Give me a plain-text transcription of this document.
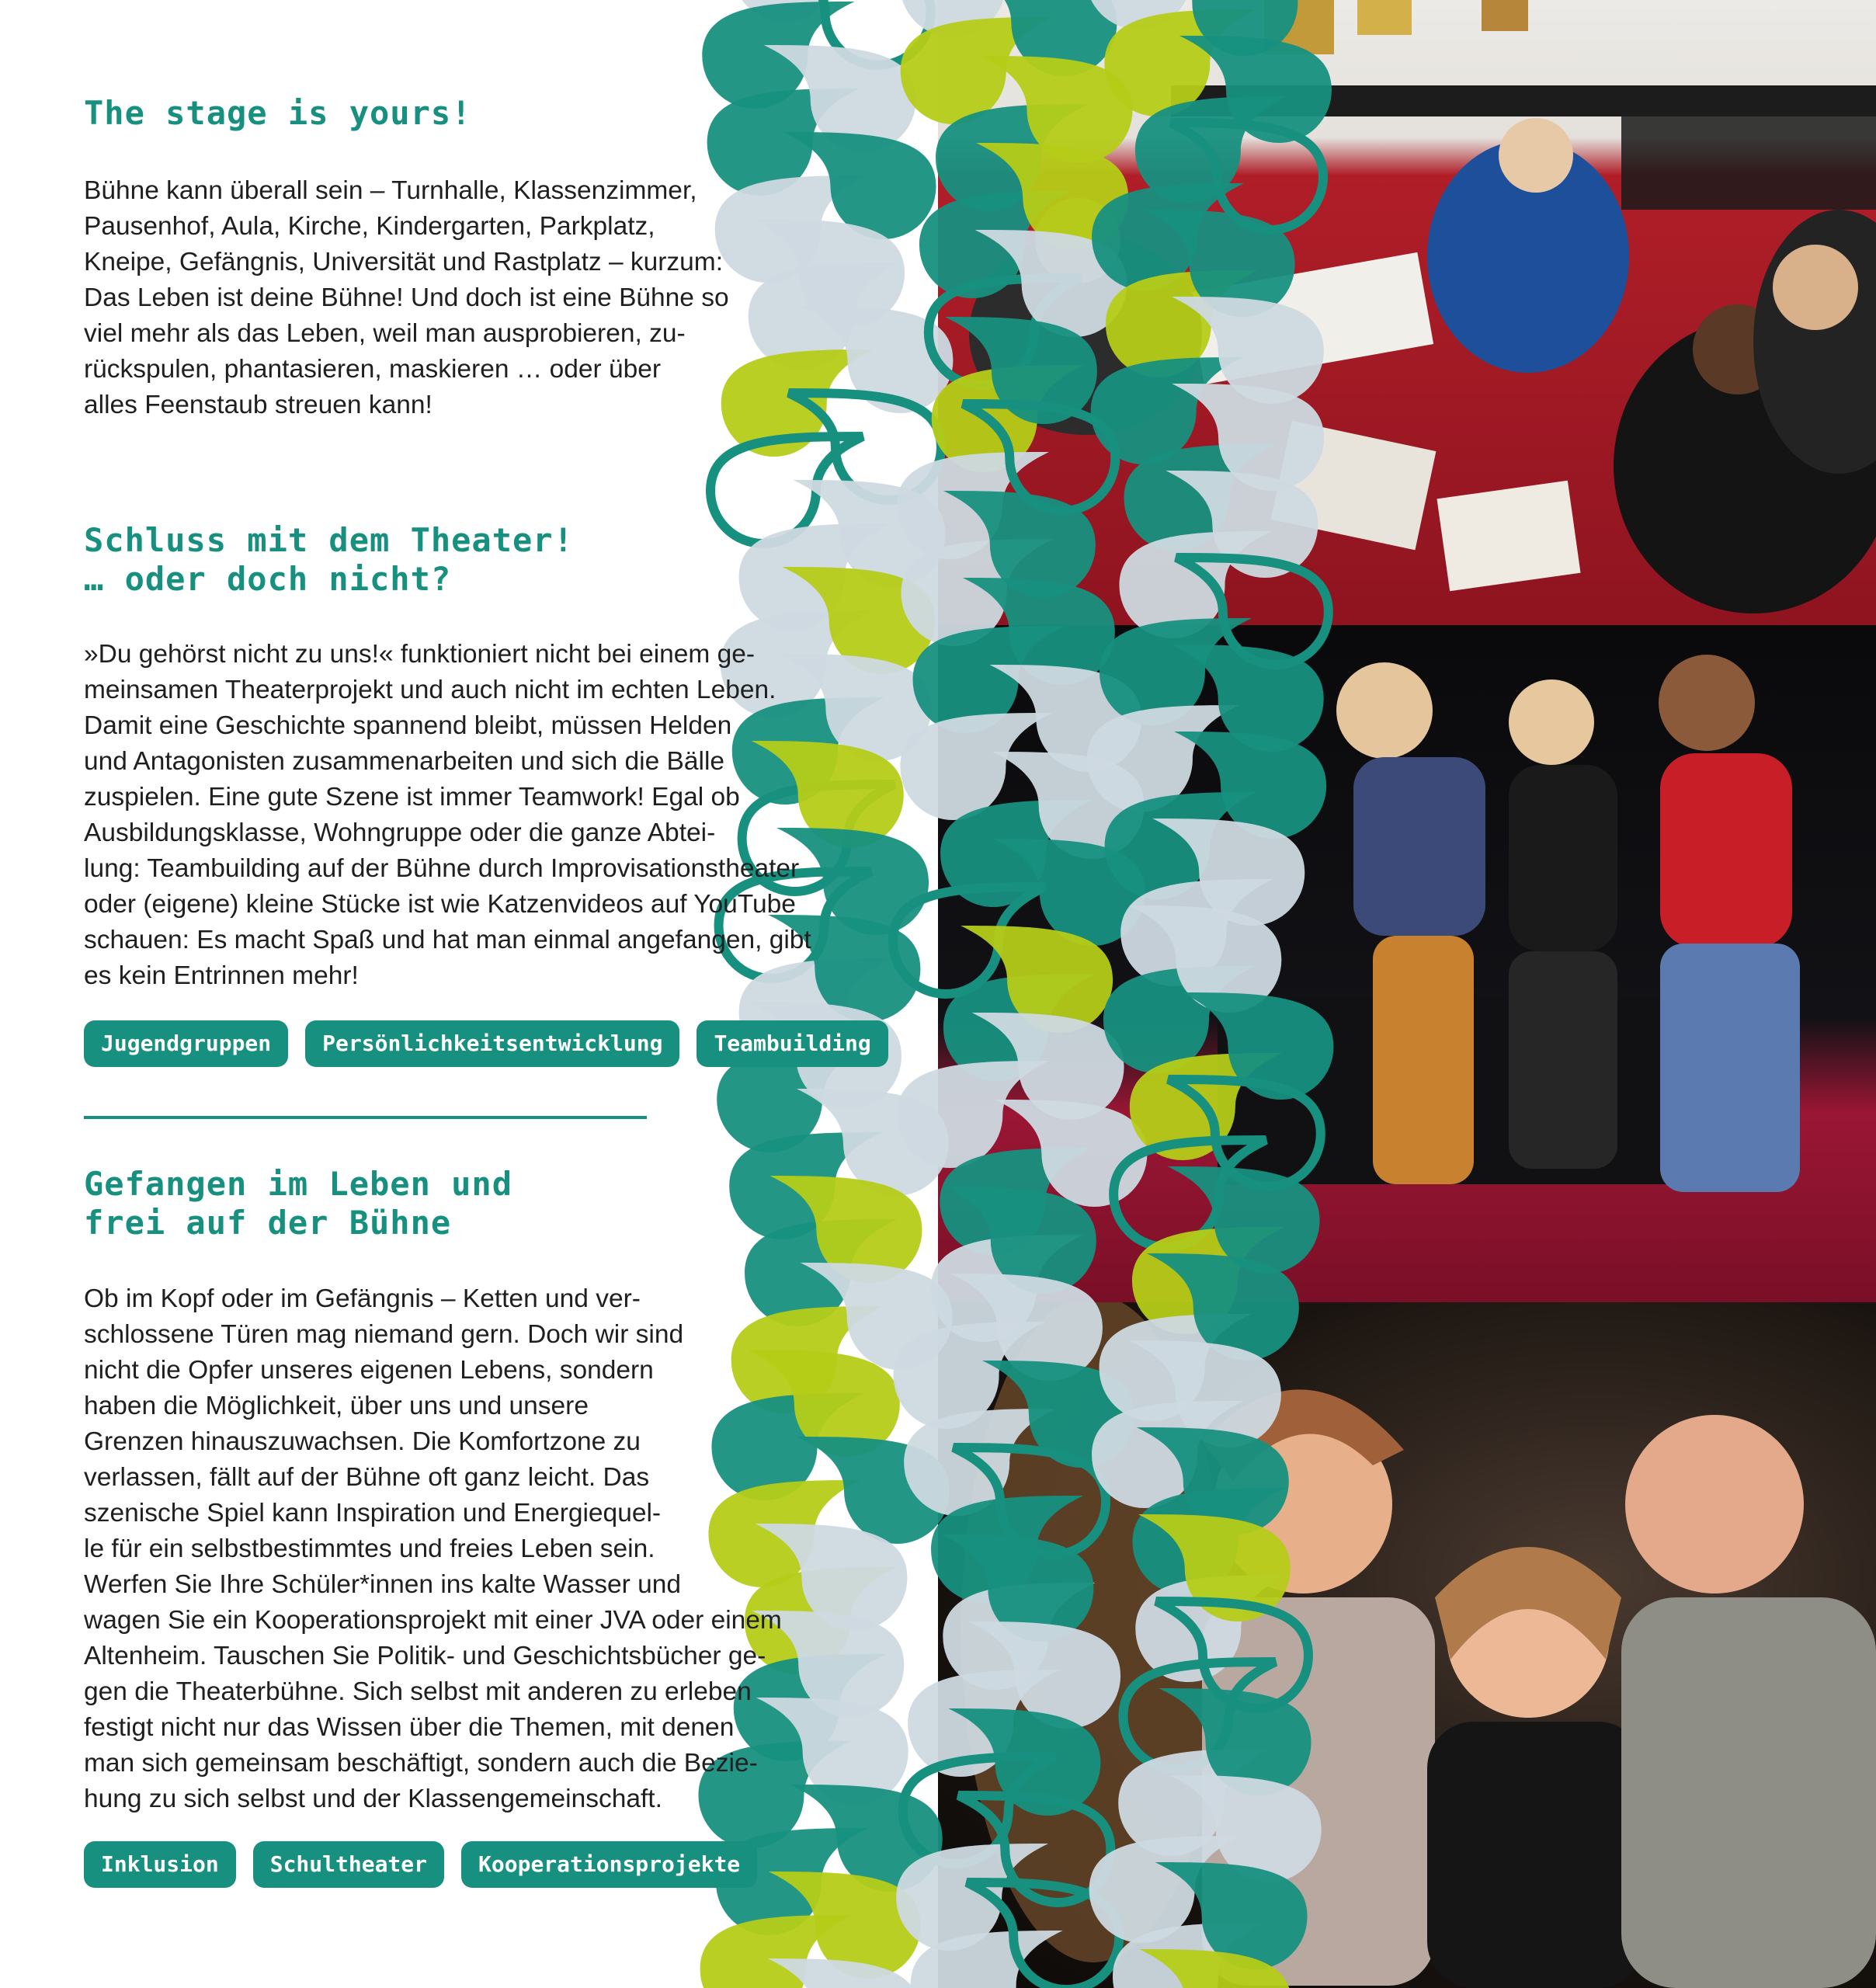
The stage is yours!
Bühne kann überall sein – Turnhalle, Klassenzimmer,
Pausenhof, Aula, Kirche, Kindergarten, Parkplatz,
Kneipe, Gefängnis, Universität und Rastplatz – kurzum:
Das Leben ist deine Bühne! Und doch ist eine Bühne so
viel mehr als das Leben, weil man ausprobieren, zu-
rückspulen, phantasieren, maskieren … oder über
alles Feenstaub streuen kann!
Schluss mit dem Theater!
… oder doch nicht?
»Du gehörst nicht zu uns!« funktioniert nicht bei einem ge-
meinsamen Theaterprojekt und auch nicht im echten Leben.
Damit eine Geschichte spannend bleibt, müssen Helden
und Antagonisten zusammenarbeiten und sich die Bälle
zuspielen. Eine gute Szene ist immer Teamwork! Egal ob
Ausbildungsklasse, Wohngruppe oder die ganze Abtei-
lung: Teambuilding auf der Bühne durch Improvisationstheater
oder (eigene) kleine Stücke ist wie Katzenvideos auf YouTube
schauen: Es macht Spaß und hat man einmal angefangen, gibt
es kein Entrinnen mehr!
Jugendgruppen	Persönlichkeitsentwicklung	Teambuilding
Gefangen im Leben und
frei auf der Bühne
Ob im Kopf oder im Gefängnis – Ketten und ver-
schlossene Türen mag niemand gern. Doch wir sind
nicht die Opfer unseres eigenen Lebens, sondern
haben die Möglichkeit, über uns und unsere
Grenzen hinauszuwachsen. Die Komfortzone zu
verlassen, fällt auf der Bühne oft ganz leicht. Das
szenische Spiel kann Inspiration und Energiequel-
le für ein selbstbestimmtes und freies Leben sein.
Werfen Sie Ihre Schüler*innen ins kalte Wasser und
wagen Sie ein Kooperationsprojekt mit einer JVA oder einem
Altenheim. Tauschen Sie Politik- und Geschichtsbücher ge-
gen die Theaterbühne. Sich selbst mit anderen zu erleben
festigt nicht nur das Wissen über die Themen, mit denen
man sich gemeinsam beschäftigt, sondern auch die Bezie-
hung zu sich selbst und der Klassengemeinschaft.
Inklusion	Schultheater	Kooperationsprojekte
